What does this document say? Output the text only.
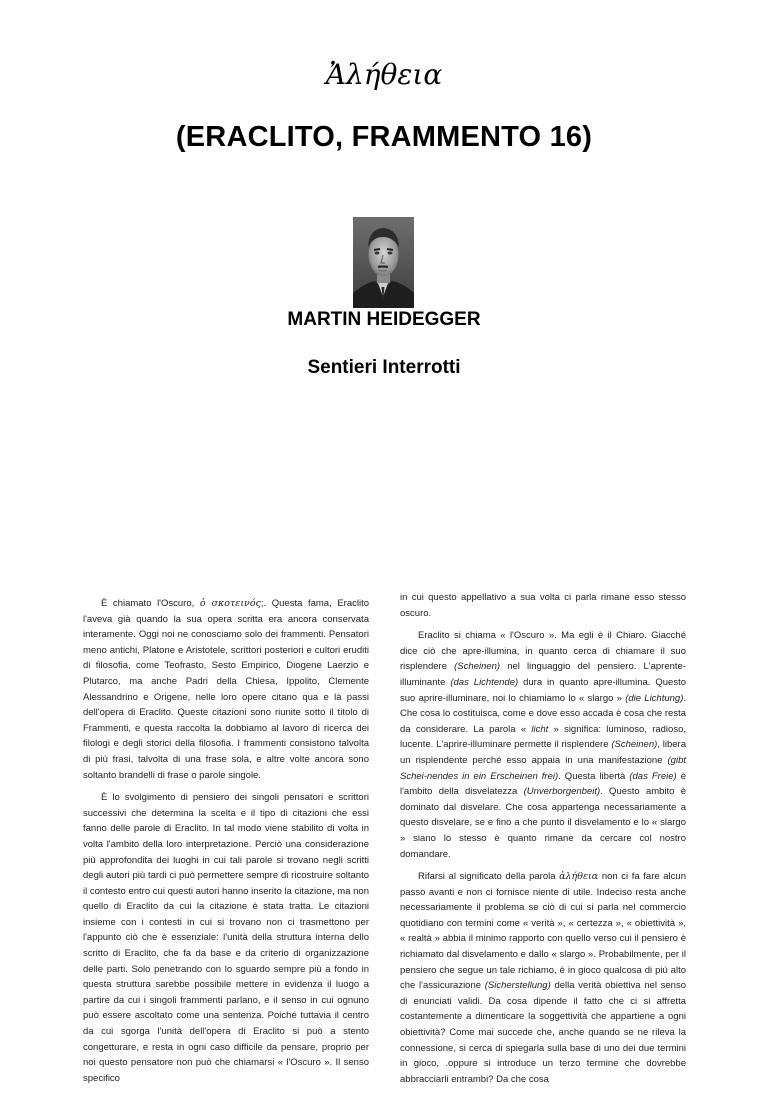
Ἀλήθεια
(ERACLITO, FRAMMENTO 16)
MARTIN HEIDEGGER
Sentieri Interrotti

È chiamato l'Oscuro, ὁ σκοτεινός;. Questa fama, Eraclito l'aveva già quando la sua opera scritta era ancora conservata interamente. Oggi noi ne conosciamo solo dei frammenti. Pensatori meno antichi, Platone e Aristotele, scrittori posteriori e cultori eruditi di filosofia, come Teofrasto, Sesto Empirico, Diogene Laerzio e Plutarco, ma anche Padri della Chiesa, Ippolito, Clemente Alessandrino e Origene, nelle loro opere citano qua e là passi dell'opera di Eraclito. Queste citazioni sono riunite sotto il titolo di Frammenti, e questa raccolta la dobbiamo al lavoro di ricerca dei filologi e degli storici della filosofia. I frammenti consistono talvolta di più frasi, talvolta di una frase sola, e altre volte ancora sono soltanto brandelli di frase o parole singole.

È lo svolgimento di pensiero dei singoli pensatori e scrittori successivi che determina la scelta e il tipo di citazioni che essi fanno delle parole di Eraclito. In tal modo viene stabilito di volta in volta l'ambito della loro interpretazione. Perciò una considerazione più approfondita dei luoghi in cui tali parole si trovano negli scritti degli autori più tardi ci può permettere sempre di ricostruire soltanto il contesto entro cui questi autori hanno inserito la citazione, ma non quello di Eraclito da cui la citazione è stata tratta. Le citazioni insieme con i contesti in cui si trovano non ci trasmettono per l'appunto ciò che è essenziale: l'unità della struttura interna dello scritto di Eraclito, che fa da base e da criterio di organizzazione delle parti. Solo penetrando con lo sguardo sempre più a fondo in questa struttura sarebbe possibile mettere in evidenza il luogo a partire da cui i singoli frammenti parlano, e il senso in cui ognuno può essere ascoltato come una sentenza. Poiché tuttavia il centro da cui sgorga l'unità dell'opera di Eraclito si può a stento congetturare, e resta in ogni caso difficile da pensare, proprio per noi questo pensatore non può che chiamarsi « l'Oscuro ». Il senso specifico

in cui questo appellativo a sua volta ci parla rimane esso stesso oscuro.

Eraclito si chiama « l'Oscuro ». Ma egli è il Chiaro. Giacché dice ciò che apre-illumina, in quanto cerca di chiamare il suo risplendere (Scheinen) nel linguaggio del pensiero. L'aprente-illuminante (das Lichtende) dura in quanto apre-illumina. Questo suo aprire-illuminare, noi lo chiamiamo lo « slargo » (die Lichtung). Che cosa lo costituisca, come e dove esso accada è cosa che resta da considerare. La parola « licht » significa: luminoso, radioso, lucente. L'aprire-illuminare permette il risplendere (Scheinen), libera un risplendente perché esso appaia in una manifestazione (gibt Schei-nendes in ein Erscheinen frei). Questa libertà (das Freie) è l'ambito della disvelatezza (Unverborgenbeit). Questo ambito è dominato dal disvelare. Che cosa appartenga necessariamente a questo disvelare, se e fino a che punto il disvelamento e lo « slargo » siano lo stesso è quanto rimane da cercare col nostro domandare.

Rifarsi al significato della parola ἀλήθεια non ci fa fare alcun passo avanti e non ci fornisce niente di utile. Indeciso resta anche necessariamente il problema se ciò di cui si parla nel commercio quotidiano con termini come « verità », « certezza », « obiettività », « realtà » abbia il minimo rapporto con quello verso cui il pensiero è richiamato dal disvelamento e dallo « slargo ». Probabilmente, per il pensiero che segue un tale richiamo, è in gioco qualcosa di più alto che l'assicurazione (Sicherstellung) della verità obiettiva nel senso di enunciati validi. Da cosa dipende il fatto che ci si affretta costantemente a dimenticare la soggettività che appartiene a ogni obiettività? Come mai succede che, anche quando se ne rileva la connessione, si cerca di spiegarla sulla base di uno dei due termini in gioco, .oppure si introduce un terzo termine che dovrebbe abbracciarli entrambi? Da che cosa
